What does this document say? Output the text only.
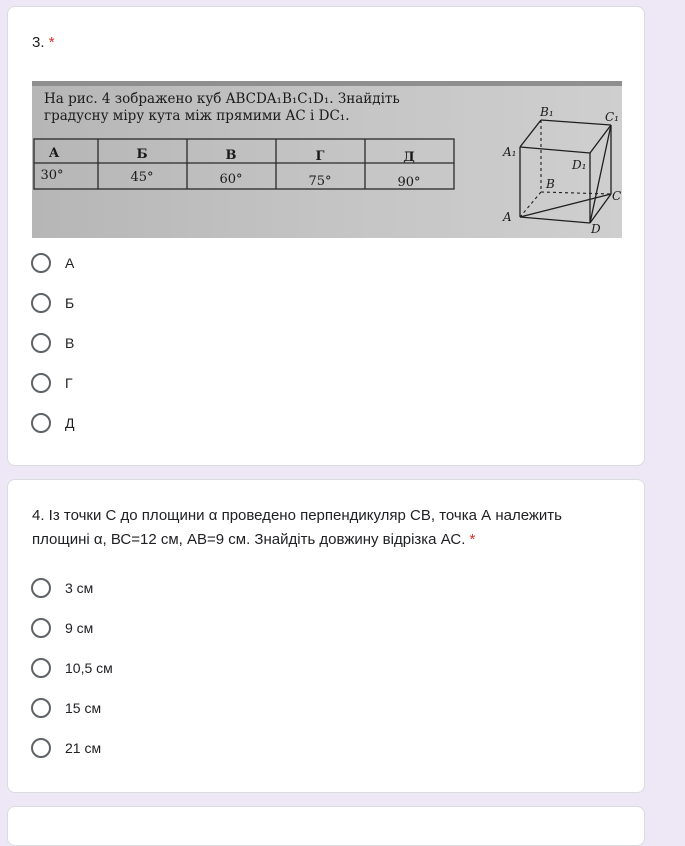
3. *
На рис. 4 зображено куб ABCDA₁B₁C₁D₁. Знайдіть
градусну міру кута між прямими AC і DC₁.
А	Б	В	Г	Д
30°	45°	60°	75°	90°
B₁	C₁
A₁
D₁
B
C
A
D
А
Б
В
Г
Д
4. Із точки С до площини α проведено перпендикуляр СВ, точка А належить площині α, ВС=12 см, АВ=9 см. Знайдіть довжину відрізка АС. *
3 см
9 см
10,5 см
15 см
21 см
